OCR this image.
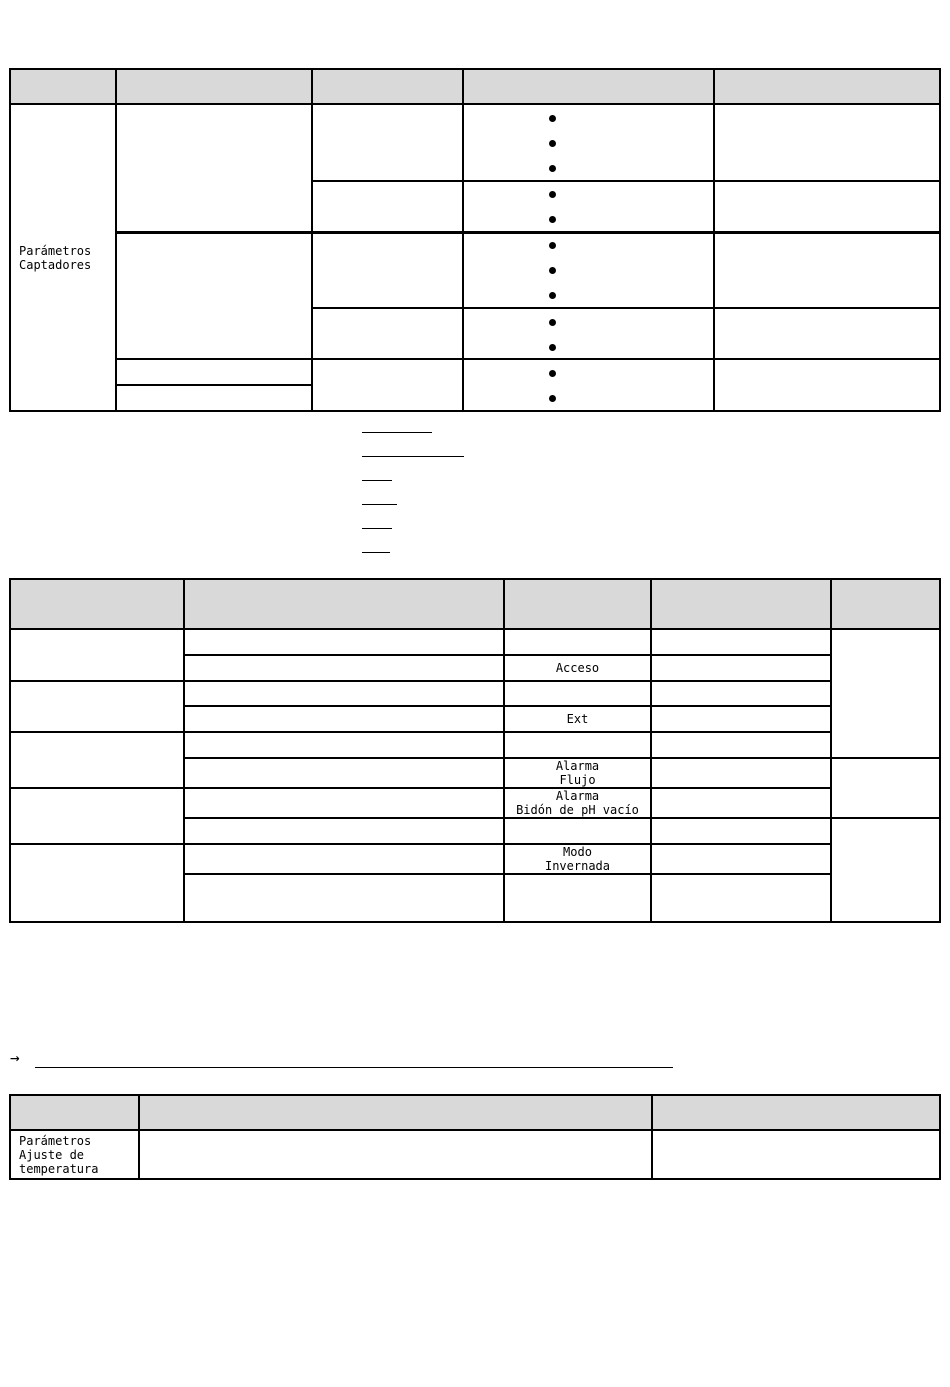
Parámetros
Captadores
Acceso
Ext
Alarma
Flujo
Alarma
Bidón de pH vacío
Modo
Invernada
→
Parámetros
Ajuste de
temperatura
